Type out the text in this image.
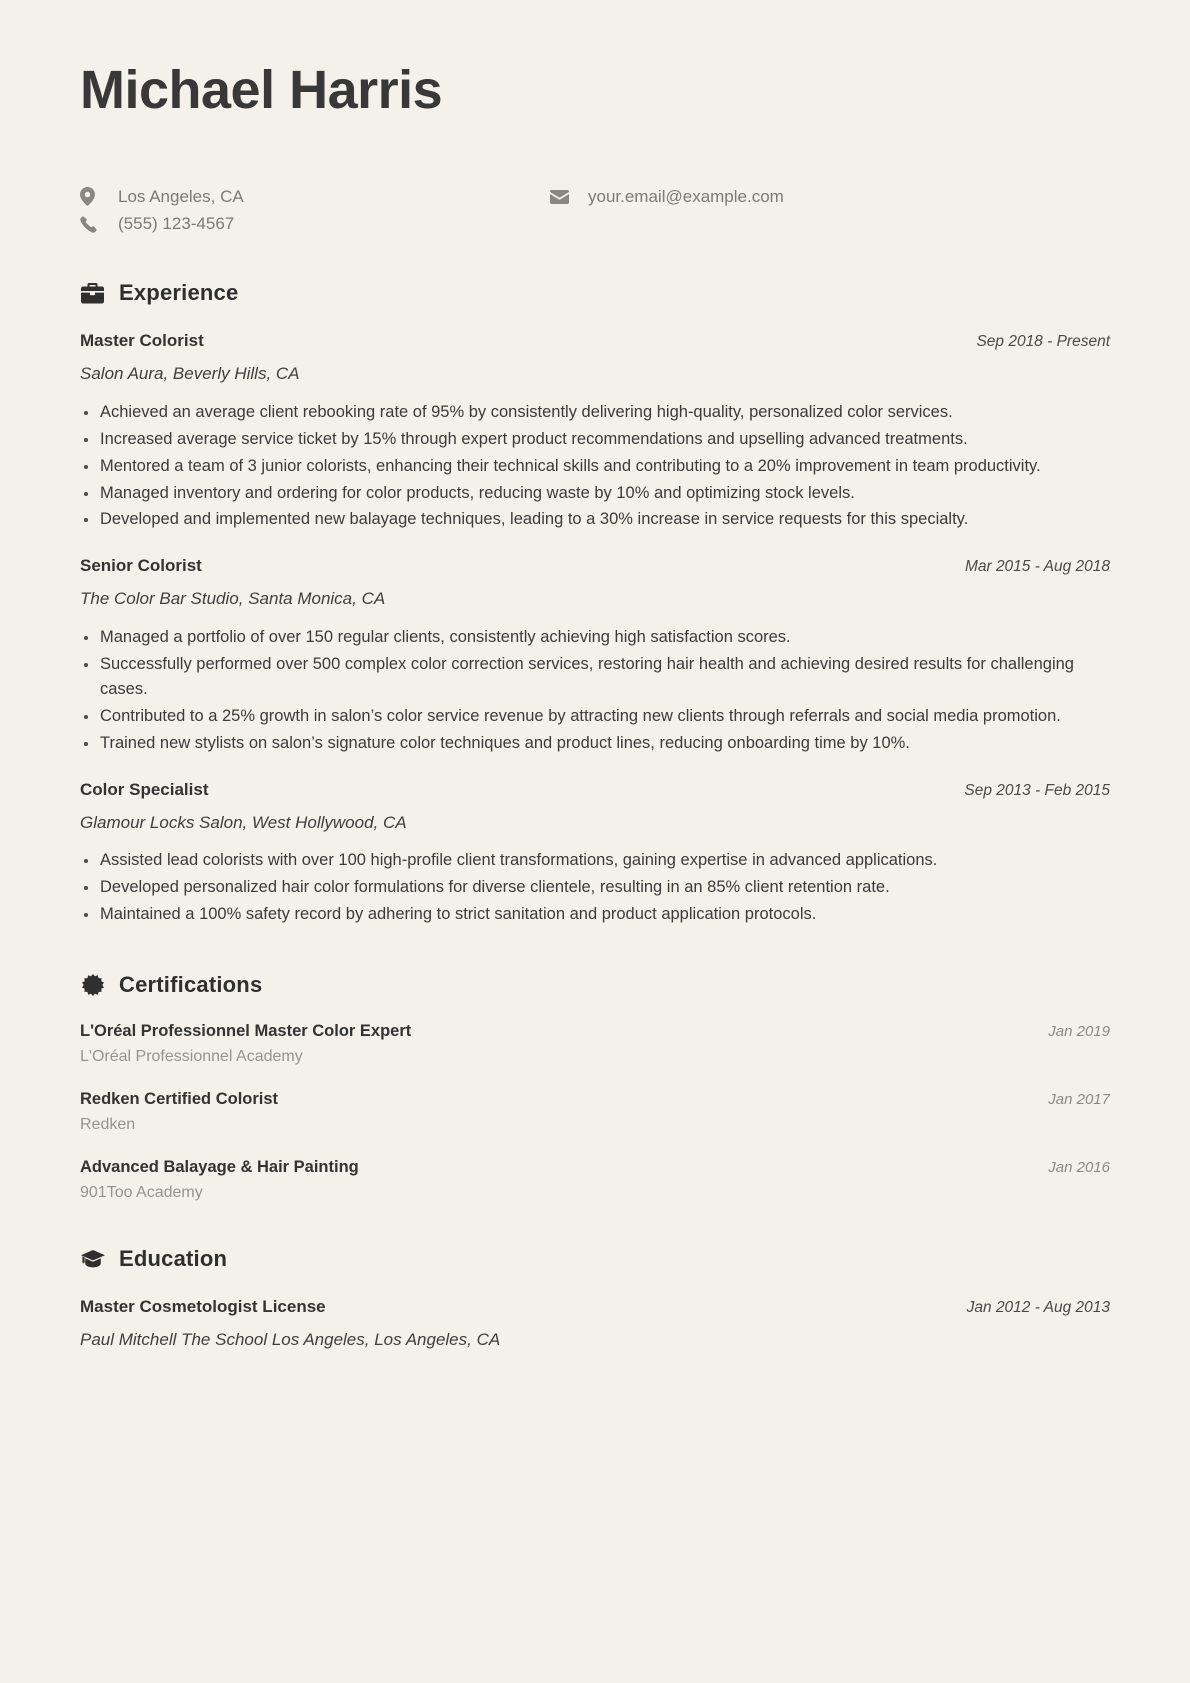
Michael Harris
Los Angeles, CA
(555) 123-4567
your.email@example.com
Experience
Master Colorist	Sep 2018 - Present
Salon Aura, Beverly Hills, CA
Achieved an average client rebooking rate of 95% by consistently delivering high-quality, personalized color services.
Increased average service ticket by 15% through expert product recommendations and upselling advanced treatments.
Mentored a team of 3 junior colorists, enhancing their technical skills and contributing to a 20% improvement in team productivity.
Managed inventory and ordering for color products, reducing waste by 10% and optimizing stock levels.
Developed and implemented new balayage techniques, leading to a 30% increase in service requests for this specialty.
Senior Colorist	Mar 2015 - Aug 2018
The Color Bar Studio, Santa Monica, CA
Managed a portfolio of over 150 regular clients, consistently achieving high satisfaction scores.
Successfully performed over 500 complex color correction services, restoring hair health and achieving desired results for challenging cases.
Contributed to a 25% growth in salon’s color service revenue by attracting new clients through referrals and social media promotion.
Trained new stylists on salon’s signature color techniques and product lines, reducing onboarding time by 10%.
Color Specialist	Sep 2013 - Feb 2015
Glamour Locks Salon, West Hollywood, CA
Assisted lead colorists with over 100 high-profile client transformations, gaining expertise in advanced applications.
Developed personalized hair color formulations for diverse clientele, resulting in an 85% client retention rate.
Maintained a 100% safety record by adhering to strict sanitation and product application protocols.
Certifications
L'Oréal Professionnel Master Color Expert	Jan 2019
L'Oréal Professionnel Academy
Redken Certified Colorist	Jan 2017
Redken
Advanced Balayage & Hair Painting	Jan 2016
901Too Academy
Education
Master Cosmetologist License	Jan 2012 - Aug 2013
Paul Mitchell The School Los Angeles, Los Angeles, CA
